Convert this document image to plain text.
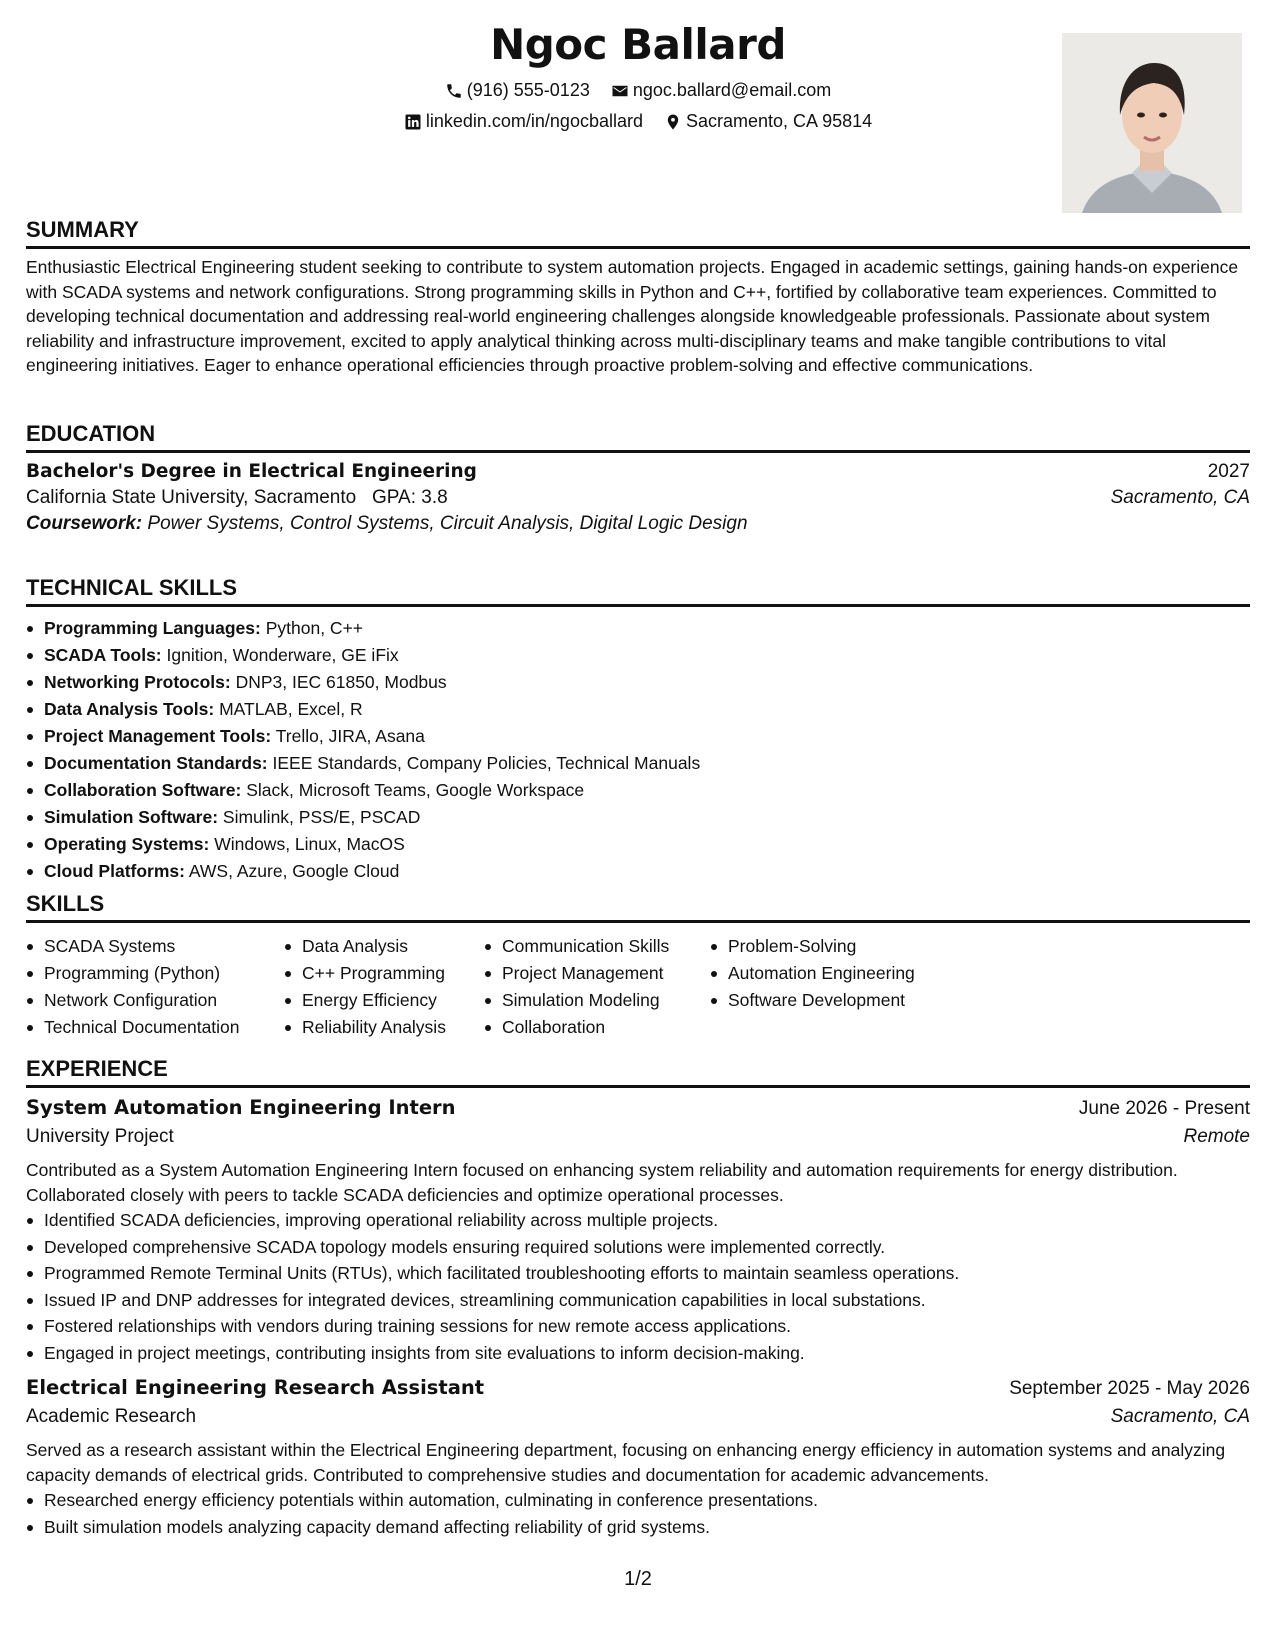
Ngoc Ballard
(916) 555-0123
ngoc.ballard@email.com
linkedin.com/in/ngocballard
Sacramento, CA 95814
SUMMARY
Enthusiastic Electrical Engineering student seeking to contribute to system automation projects. Engaged in academic settings, gaining hands-on experience with SCADA systems and network configurations. Strong programming skills in Python and C++, fortified by collaborative team experiences. Committed to developing technical documentation and addressing real-world engineering challenges alongside knowledgeable professionals. Passionate about system reliability and infrastructure improvement, excited to apply analytical thinking across multi-disciplinary teams and make tangible contributions to vital engineering initiatives. Eager to enhance operational efficiencies through proactive problem-solving and effective communications.
EDUCATION
Bachelor's Degree in Electrical Engineering	2027
California State University, Sacramento GPA: 3.8	Sacramento, CA
Coursework: Power Systems, Control Systems, Circuit Analysis, Digital Logic Design
TECHNICAL SKILLS
Programming Languages: Python, C++
SCADA Tools: Ignition, Wonderware, GE iFix
Networking Protocols: DNP3, IEC 61850, Modbus
Data Analysis Tools: MATLAB, Excel, R
Project Management Tools: Trello, JIRA, Asana
Documentation Standards: IEEE Standards, Company Policies, Technical Manuals
Collaboration Software: Slack, Microsoft Teams, Google Workspace
Simulation Software: Simulink, PSS/E, PSCAD
Operating Systems: Windows, Linux, MacOS
Cloud Platforms: AWS, Azure, Google Cloud
SKILLS
SCADA Systems
Programming (Python)
Network Configuration
Technical Documentation
Data Analysis
C++ Programming
Energy Efficiency
Reliability Analysis
Communication Skills
Project Management
Simulation Modeling
Collaboration
Problem-Solving
Automation Engineering
Software Development
EXPERIENCE
System Automation Engineering Intern	June 2026 - Present
University Project	Remote
Contributed as a System Automation Engineering Intern focused on enhancing system reliability and automation requirements for energy distribution. Collaborated closely with peers to tackle SCADA deficiencies and optimize operational processes.
Identified SCADA deficiencies, improving operational reliability across multiple projects.
Developed comprehensive SCADA topology models ensuring required solutions were implemented correctly.
Programmed Remote Terminal Units (RTUs), which facilitated troubleshooting efforts to maintain seamless operations.
Issued IP and DNP addresses for integrated devices, streamlining communication capabilities in local substations.
Fostered relationships with vendors during training sessions for new remote access applications.
Engaged in project meetings, contributing insights from site evaluations to inform decision-making.
Electrical Engineering Research Assistant	September 2025 - May 2026
Academic Research	Sacramento, CA
Served as a research assistant within the Electrical Engineering department, focusing on enhancing energy efficiency in automation systems and analyzing capacity demands of electrical grids. Contributed to comprehensive studies and documentation for academic advancements.
Researched energy efficiency potentials within automation, culminating in conference presentations.
Built simulation models analyzing capacity demand affecting reliability of grid systems.
1/2
